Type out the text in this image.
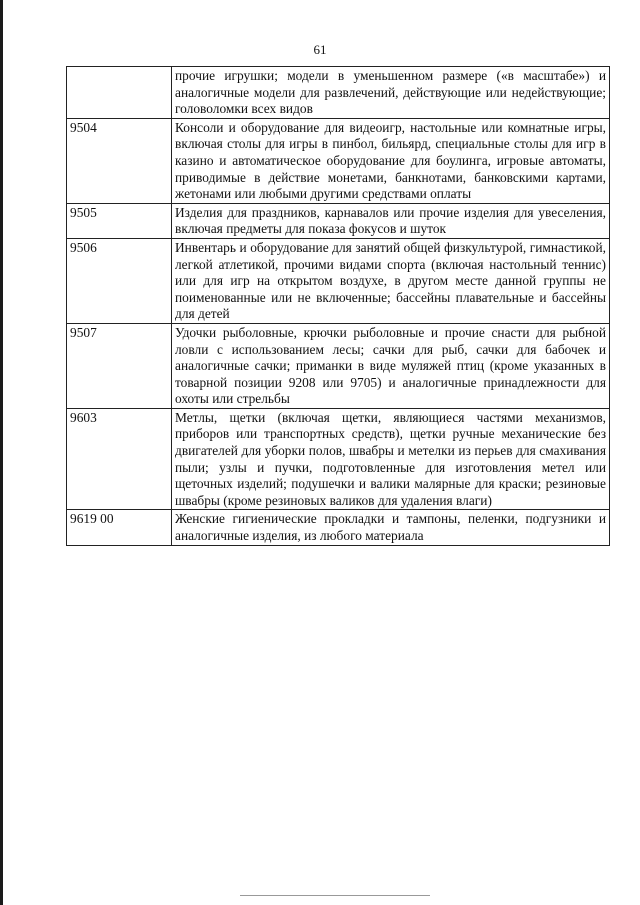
61
	прочие игрушки; модели в уменьшенном размере («в масштабе») и аналогичные модели для развлечений, действующие или недействующие; головоломки всех видов
9504	Консоли и оборудование для видеоигр, настольные или комнатные игры, включая столы для игры в пинбол, бильярд, специальные столы для игр в казино и автоматическое оборудование для боулинга, игровые автоматы, приводимые в действие монетами, банкнотами, банковскими картами, жетонами или любыми другими средствами оплаты
9505	Изделия для праздников, карнавалов или прочие изделия для увеселения, включая предметы для показа фокусов и шуток
9506	Инвентарь и оборудование для занятий общей физкультурой, гимнастикой, легкой атлетикой, прочими видами спорта (включая настольный теннис) или для игр на открытом воздухе, в другом месте данной группы не поименованные или не включенные; бассейны плавательные и бассейны для детей
9507	Удочки рыболовные, крючки рыболовные и прочие снасти для рыбной ловли с использованием лесы; сачки для рыб, сачки для бабочек и аналогичные сачки; приманки в виде муляжей птиц (кроме указанных в товарной позиции 9208 или 9705) и аналогичные принадлежности для охоты или стрельбы
9603	Метлы, щетки (включая щетки, являющиеся частями механизмов, приборов или транспортных средств), щетки ручные механические без двигателей для уборки полов, швабры и метелки из перьев для смахивания пыли; узлы и пучки, подготовленные для изготовления метел или щеточных изделий; подушечки и валики малярные для краски; резиновые швабры (кроме резиновых валиков для удаления влаги)
9619 00	Женские гигиенические прокладки и тампоны, пеленки, подгузники и аналогичные изделия, из любого материала
